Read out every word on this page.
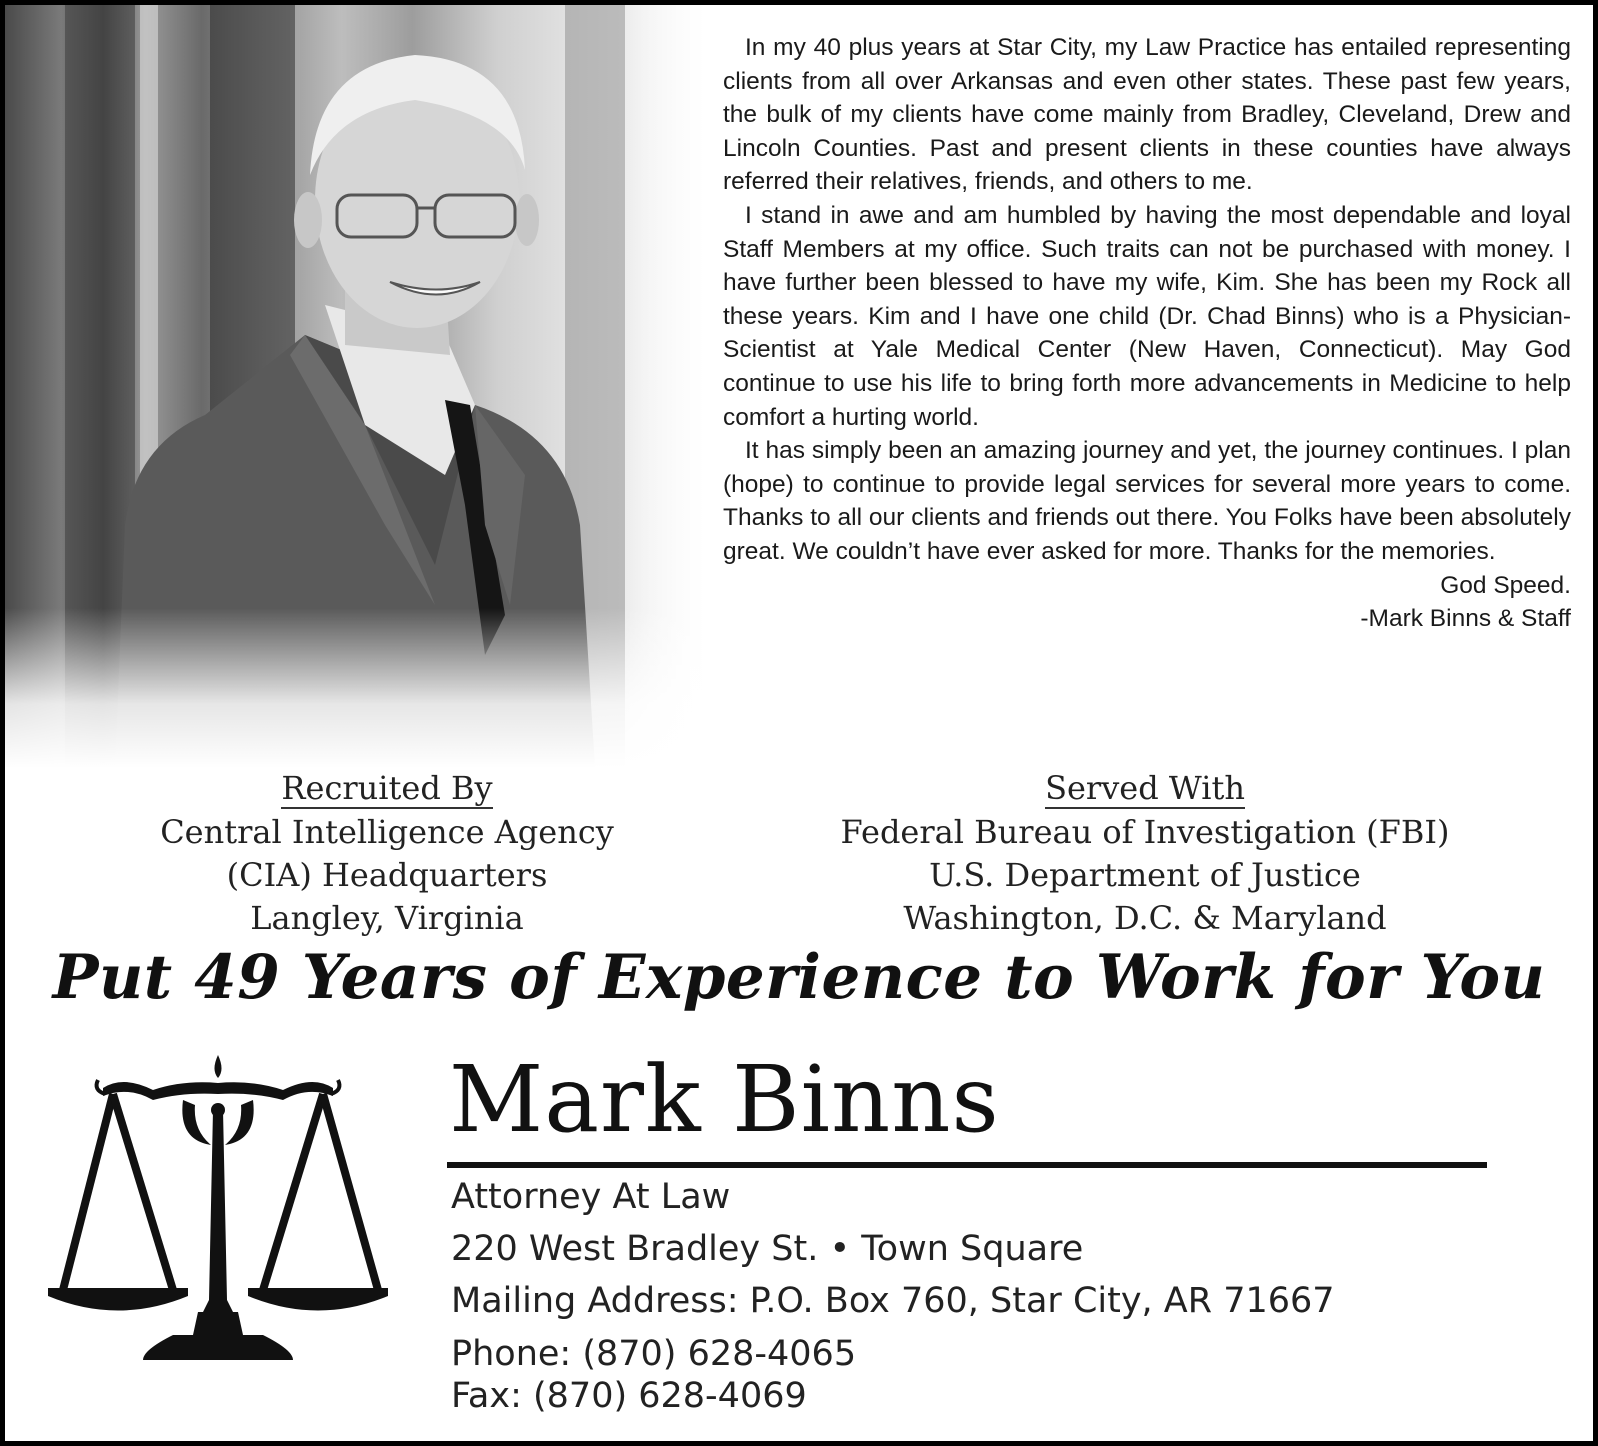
In my 40 plus years at Star City, my Law Practice has entailed representing clients from all over Arkansas and even other states. These past few years, the bulk of my clients have come mainly from Bradley, Cleveland, Drew and Lincoln Counties. Past and present clients in these counties have always referred their relatives, friends, and others to me.

I stand in awe and am humbled by having the most dependable and loyal Staff Members at my office. Such traits can not be purchased with money. I have further been blessed to have my wife, Kim. She has been my Rock all these years. Kim and I have one child (Dr. Chad Binns) who is a Physician-Scientist at Yale Medical Center (New Haven, Connecticut). May God continue to use his life to bring forth more advancements in Medicine to help comfort a hurting world.

It has simply been an amazing journey and yet, the journey continues. I plan (hope) to continue to provide legal services for several more years to come. Thanks to all our clients and friends out there. You Folks have been absolutely great. We couldn’t have ever asked for more. Thanks for the memories.

God Speed.

-Mark Binns & Staff

Recruited By
Central Intelligence Agency
(CIA) Headquarters
Langley, Virginia
Served With
Federal Bureau of Investigation (FBI)
U.S. Department of Justice
Washington, D.C. & Maryland
Put 49 Years of Experience to Work for You
Mark Binns
Attorney At Law
220 West Bradley St. • Town Square
Mailing Address: P.O. Box 760, Star City, AR 71667
Phone: (870) 628-4065
Fax: (870) 628-4069
